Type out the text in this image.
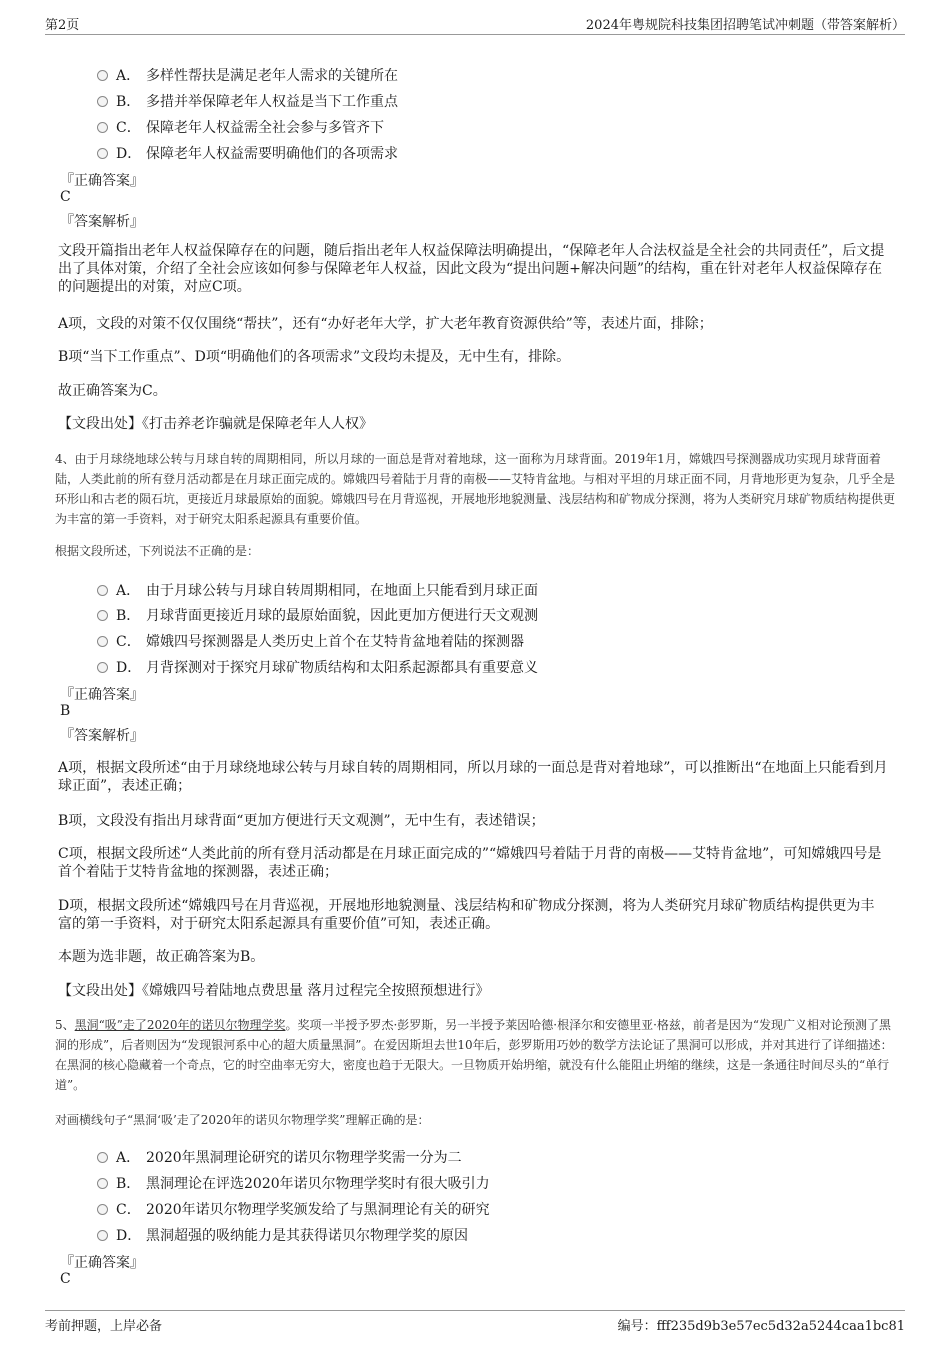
第2页	2024年粤规院科技集团招聘笔试冲刺题（带答案解析）
A． 多样性帮扶是满足老年人需求的关键所在
B． 多措并举保障老年人权益是当下工作重点
C． 保障老年人权益需全社会参与多管齐下
D． 保障老年人权益需要明确他们的各项需求
『正确答案』
C
『答案解析』
文段开篇指出老年人权益保障存在的问题，随后指出老年人权益保障法明确提出，“保障老年人合法权益是全社会的共同责任”，后文提出了具体对策，介绍了全社会应该如何参与保障老年人权益，因此文段为“提出问题+解决问题”的结构，重在针对老年人权益保障存在的问题提出的对策，对应C项。
A项，文段的对策不仅仅围绕“帮扶”，还有“办好老年大学，扩大老年教育资源供给”等，表述片面，排除；
B项“当下工作重点”、D项“明确他们的各项需求”文段均未提及，无中生有，排除。
故正确答案为C。
【文段出处】《打击养老诈骗就是保障老年人人权》
4、由于月球绕地球公转与月球自转的周期相同，所以月球的一面总是背对着地球，这一面称为月球背面。2019年1月，嫦娥四号探测器成功实现月球背面着陆，人类此前的所有登月活动都是在月球正面完成的。嫦娥四号着陆于月背的南极——艾特肯盆地。与相对平坦的月球正面不同，月背地形更为复杂，几乎全是环形山和古老的陨石坑，更接近月球最原始的面貌。嫦娥四号在月背巡视，开展地形地貌测量、浅层结构和矿物成分探测，将为人类研究月球矿物质结构提供更为丰富的第一手资料，对于研究太阳系起源具有重要价值。
根据文段所述，下列说法不正确的是：
A． 由于月球公转与月球自转周期相同，在地面上只能看到月球正面
B． 月球背面更接近月球的最原始面貌，因此更加方便进行天文观测
C． 嫦娥四号探测器是人类历史上首个在艾特肯盆地着陆的探测器
D． 月背探测对于探究月球矿物质结构和太阳系起源都具有重要意义
『正确答案』
B
『答案解析』
A项，根据文段所述“由于月球绕地球公转与月球自转的周期相同，所以月球的一面总是背对着地球”，可以推断出“在地面上只能看到月球正面”，表述正确；
B项，文段没有指出月球背面“更加方便进行天文观测”，无中生有，表述错误；
C项，根据文段所述“人类此前的所有登月活动都是在月球正面完成的”“嫦娥四号着陆于月背的南极——艾特肯盆地”，可知嫦娥四号是首个着陆于艾特肯盆地的探测器，表述正确；
D项，根据文段所述“嫦娥四号在月背巡视，开展地形地貌测量、浅层结构和矿物成分探测，将为人类研究月球矿物质结构提供更为丰富的第一手资料，对于研究太阳系起源具有重要价值”可知，表述正确。
本题为选非题，故正确答案为B。
【文段出处】《嫦娥四号着陆地点费思量 落月过程完全按照预想进行》
5、黑洞“吸”走了2020年的诺贝尔物理学奖。奖项一半授予罗杰·彭罗斯，另一半授予莱因哈德·根泽尔和安德里亚·格兹，前者是因为“发现广义相对论预测了黑洞的形成”，后者则因为“发现银河系中心的超大质量黑洞”。在爱因斯坦去世10年后，彭罗斯用巧妙的数学方法论证了黑洞可以形成，并对其进行了详细描述：在黑洞的核心隐藏着一个奇点，它的时空曲率无穷大，密度也趋于无限大。一旦物质开始坍缩，就没有什么能阻止坍缩的继续，这是一条通往时间尽头的“单行道”。
对画横线句子“黑洞‘吸’走了2020年的诺贝尔物理学奖”理解正确的是：
A． 2020年黑洞理论研究的诺贝尔物理学奖需一分为二
B． 黑洞理论在评选2020年诺贝尔物理学奖时有很大吸引力
C． 2020年诺贝尔物理学奖颁发给了与黑洞理论有关的研究
D． 黑洞超强的吸纳能力是其获得诺贝尔物理学奖的原因
『正确答案』
C
考前押题，上岸必备	编号：fff235d9b3e57ec5d32a5244caa1bc81
